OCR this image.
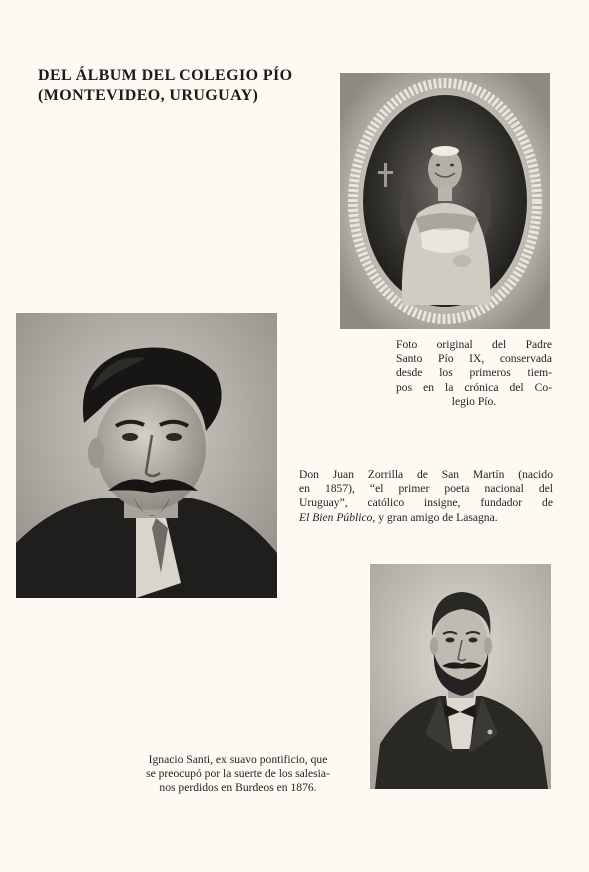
DEL ÁLBUM DEL COLEGIO PÍO
(MONTEVIDEO, URUGUAY)
Foto original del Padre
Santo Pío IX, conservada
desde los primeros tiem-
pos en la crónica del Co-
legio Pío.
Don Juan Zorrilla de San Martín (nacido
en 1857), “el primer poeta nacional del
Uruguay”, católico insigne, fundador de
El Bien Público, y gran amigo de Lasagna.
Ignacio Santi, ex suavo pontificio, que
se preocupó por la suerte de los salesia-
nos perdidos en Burdeos en 1876.
